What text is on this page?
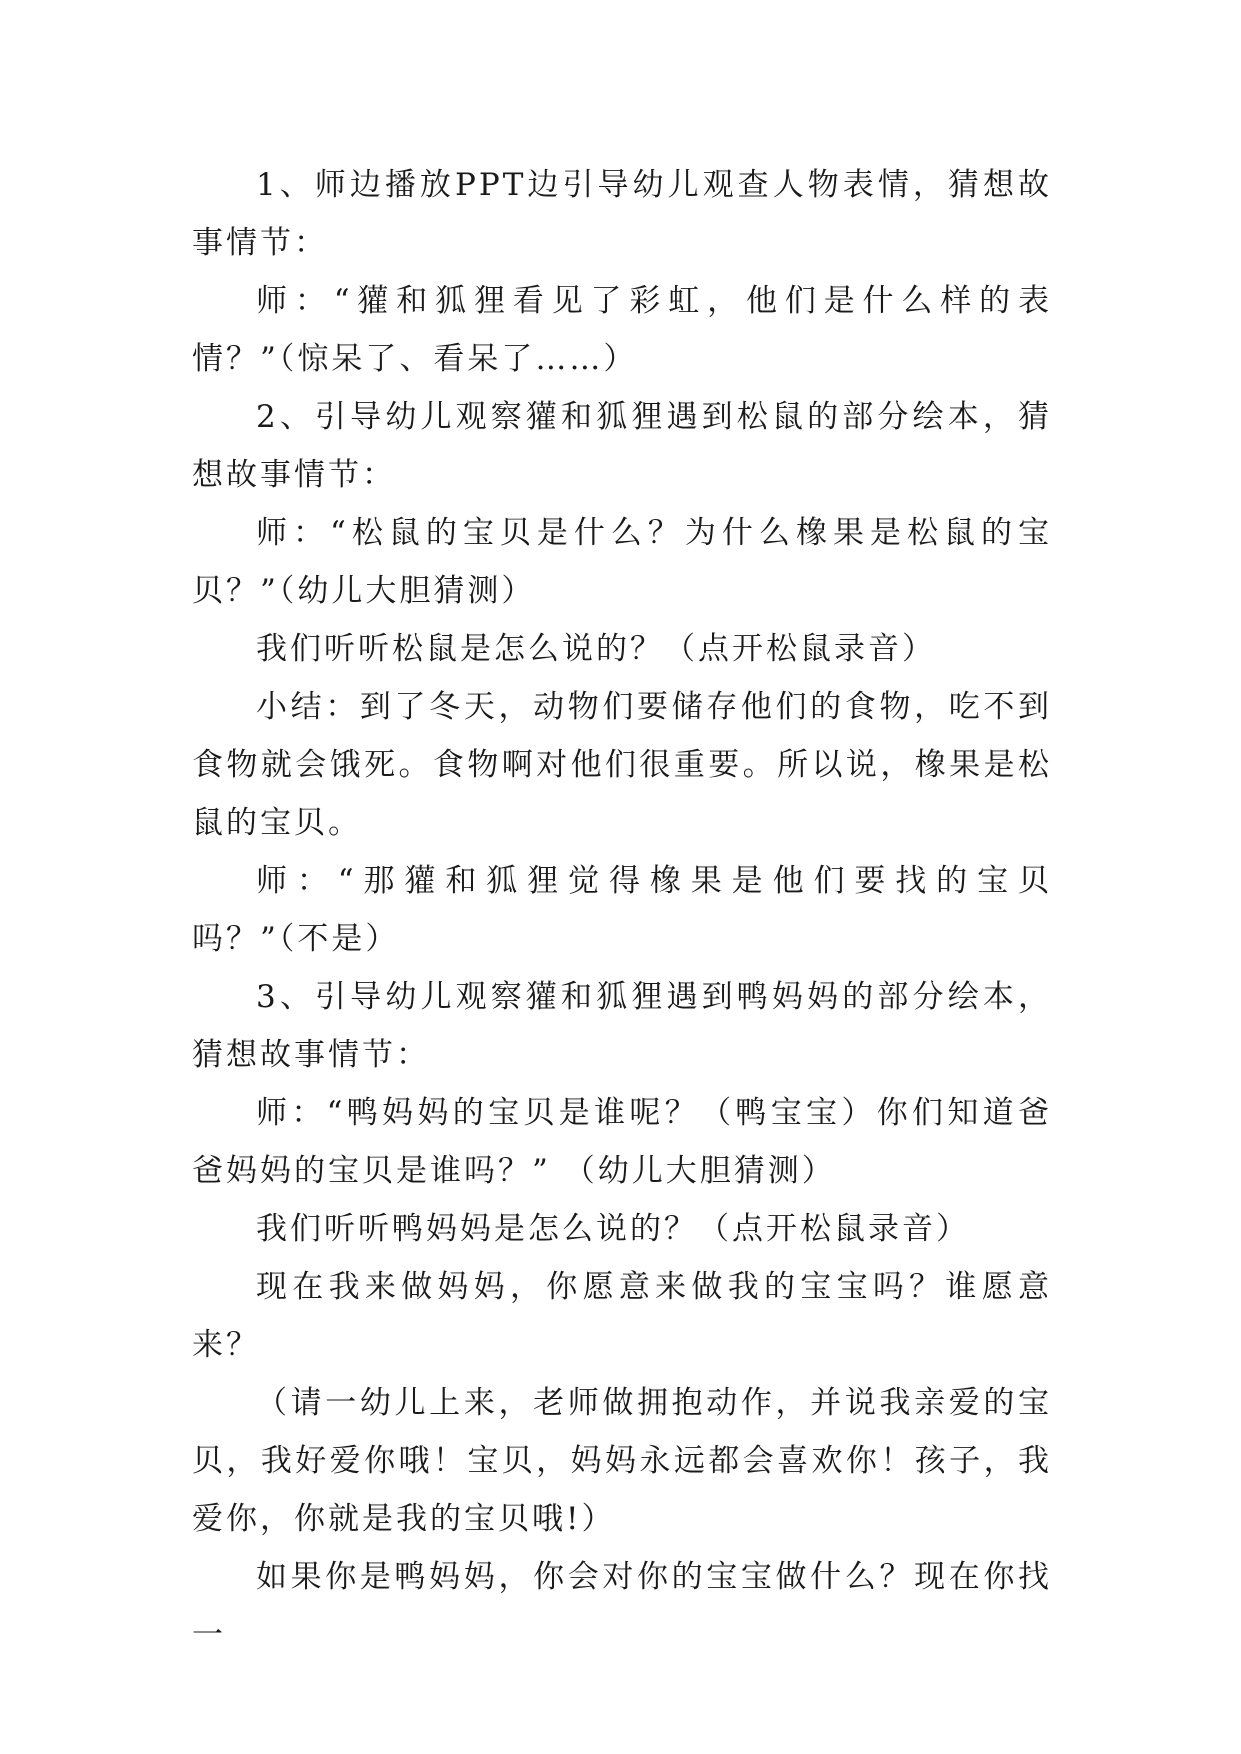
1、师边播放PPT边引导幼儿观查人物表情，猜想故事情节：

师：“獾和狐狸看见了彩虹，他们是什么样的表情？”（惊呆了、看呆了……）

2、引导幼儿观察獾和狐狸遇到松鼠的部分绘本，猜想故事情节：

师：“松鼠的宝贝是什么？为什么橡果是松鼠的宝贝？”（幼儿大胆猜测）

我们听听松鼠是怎么说的？（点开松鼠录音）

小结：到了冬天，动物们要储存他们的食物，吃不到食物就会饿死。食物啊对他们很重要。所以说，橡果是松鼠的宝贝。

师：“那獾和狐狸觉得橡果是他们要找的宝贝吗？”（不是）

3、引导幼儿观察獾和狐狸遇到鸭妈妈的部分绘本，猜想故事情节：

师：“鸭妈妈的宝贝是谁呢？（鸭宝宝）你们知道爸爸妈妈的宝贝是谁吗？” （幼儿大胆猜测）

我们听听鸭妈妈是怎么说的？（点开松鼠录音）

现在我来做妈妈，你愿意来做我的宝宝吗？谁愿意来？

（请一幼儿上来，老师做拥抱动作，并说我亲爱的宝贝，我好爱你哦！宝贝，妈妈永远都会喜欢你！孩子，我爱你，你就是我的宝贝哦!）

如果你是鸭妈妈，你会对你的宝宝做什么？现在你找一
